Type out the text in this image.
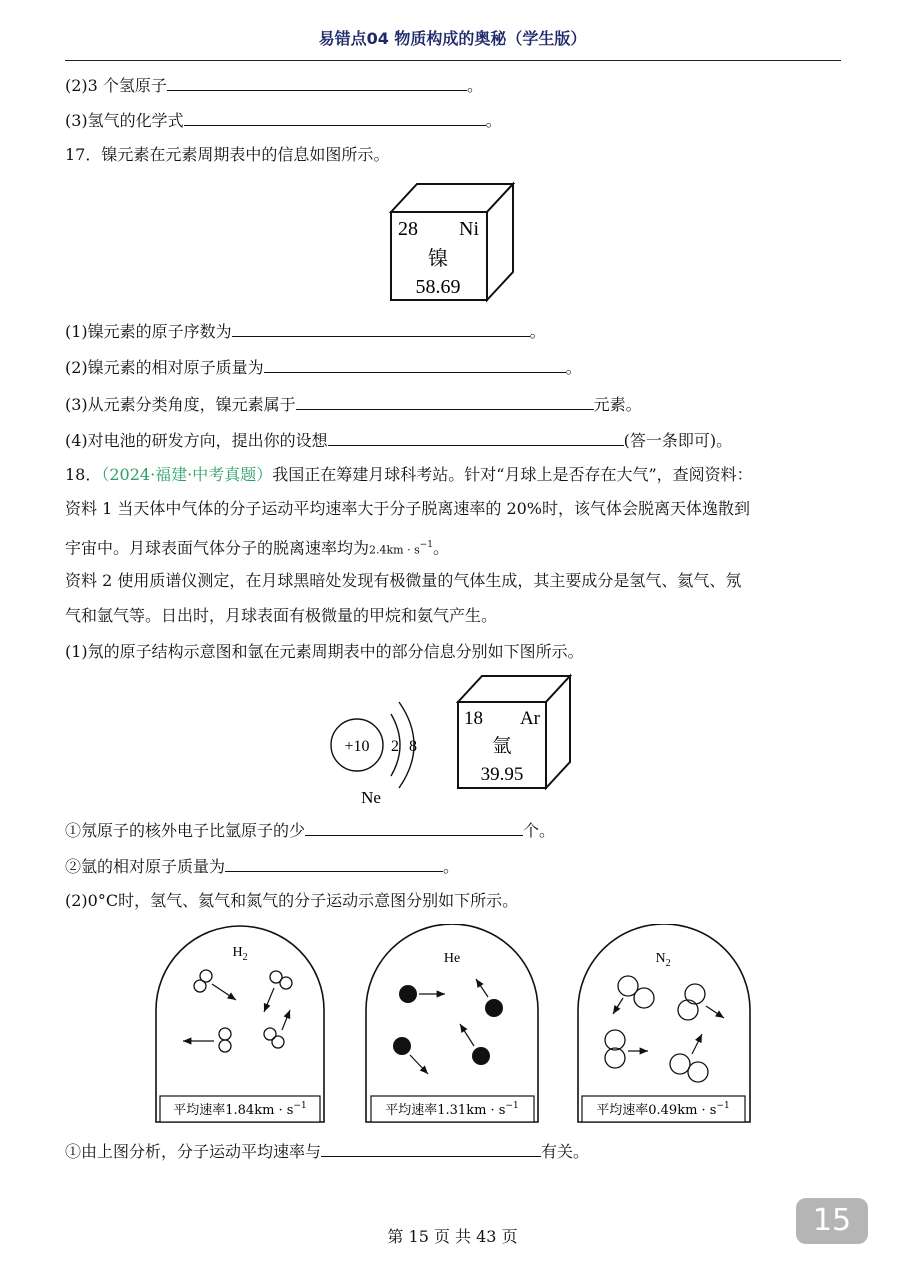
易错点04 物质构成的奥秘（学生版）
(2)3 个氢原子	。
(3)氢气的化学式	。
17．镍元素在元素周期表中的信息如图所示。
28 Ni
镍
58.69
(1)镍元素的原子序数为	。
(2)镍元素的相对原子质量为	。
(3)从元素分类角度，镍元素属于	元素。
(4)对电池的研发方向，提出你的设想	(答一条即可)。
18．（2024·福建·中考真题）我国正在筹建月球科考站。针对“月球上是否存在大气”，查阅资料：
资料 1 当天体中气体的分子运动平均速率大于分子脱离速率的 20%时，该气体会脱离天体逸散到
宇宙中。月球表面气体分子的脱离速率均为$2.4km \cdot s^{-1}$。
资料 2 使用质谱仪测定，在月球黑暗处发现有极微量的气体生成，其主要成分是氢气、氦气、氖
气和氩气等。日出时，月球表面有极微量的甲烷和氨气产生。
(1)氖的原子结构示意图和氩在元素周期表中的部分信息分别如下图所示。
+10 2 8
Ne
18 Ar
氩
39.95
①氖原子的核外电子比氩原子的少	个。
②氩的相对原子质量为	。
(2)0°C时，氢气、氦气和氮气的分子运动示意图分别如下所示。
$H_2$
平均速率$1.84km \cdot s^{-1}$
He
平均速率$1.31km \cdot s^{-1}$
$N_2$
平均速率$0.49km \cdot s^{-1}$
①由上图分析，分子运动平均速率与	有关。
15
第 15 页 共 43 页
